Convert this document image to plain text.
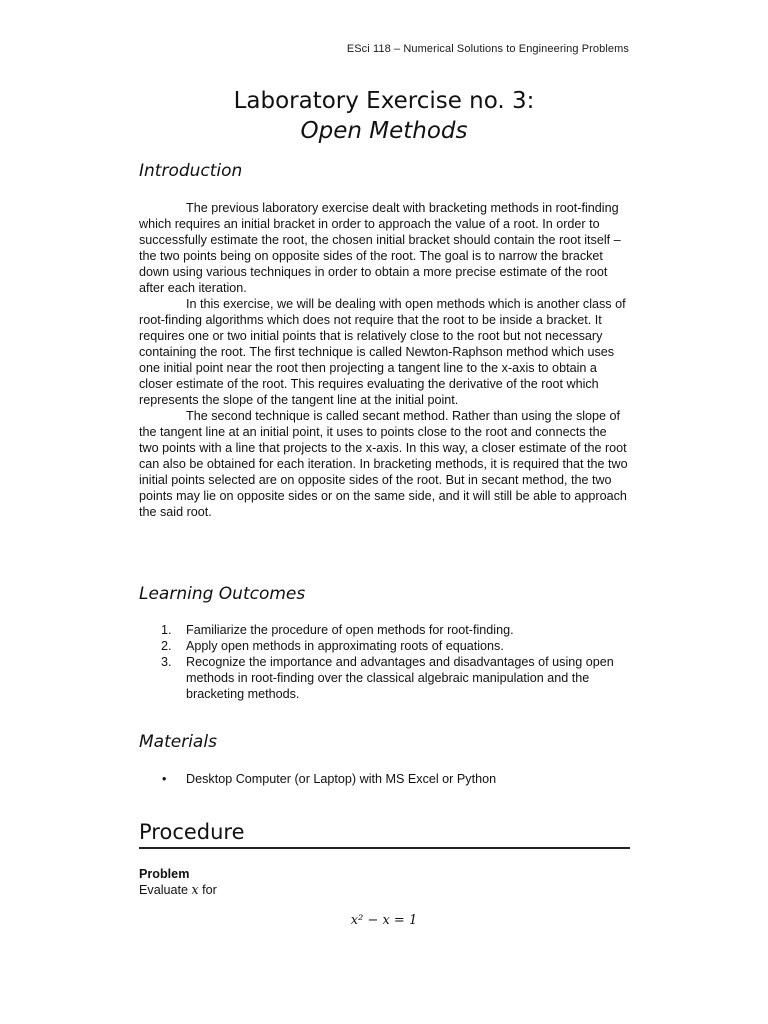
ESci 118 – Numerical Solutions to Engineering Problems
Laboratory Exercise no. 3:
Open Methods
Introduction

The previous laboratory exercise dealt with bracketing methods in root-finding which requires an initial bracket in order to approach the value of a root. In order to successfully estimate the root, the chosen initial bracket should contain the root itself – the two points being on opposite sides of the root. The goal is to narrow the bracket down using various techniques in order to obtain a more precise estimate of the root after each iteration.

In this exercise, we will be dealing with open methods which is another class of root-finding algorithms which does not require that the root to be inside a bracket. It requires one or two initial points that is relatively close to the root but not necessary containing the root. The first technique is called Newton-Raphson method which uses one initial point near the root then projecting a tangent line to the x-axis to obtain a closer estimate of the root. This requires evaluating the derivative of the root which represents the slope of the tangent line at the initial point.

The second technique is called secant method. Rather than using the slope of the tangent line at an initial point, it uses to points close to the root and connects the two points with a line that projects to the x-axis. In this way, a closer estimate of the root can also be obtained for each iteration. In bracketing methods, it is required that the two initial points selected are on opposite sides of the root. But in secant method, the two points may lie on opposite sides or on the same side, and it will still be able to approach the said root.

Learning Outcomes
1. Familiarize the procedure of open methods for root-finding.
2. Apply open methods in approximating roots of equations.
3. Recognize the importance and advantages and disadvantages of using open methods in root-finding over the classical algebraic manipulation and the bracketing methods.
Materials
• Desktop Computer (or Laptop) with MS Excel or Python
Procedure
Problem
Evaluate x for
x² − x = 1
